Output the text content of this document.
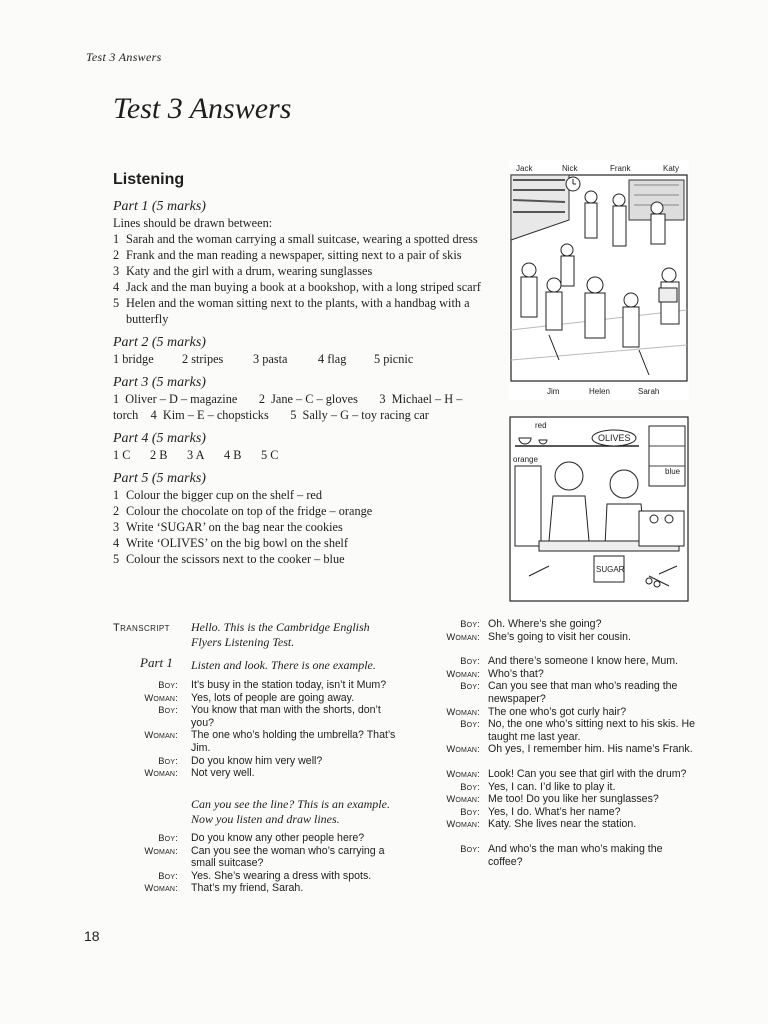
Test 3 Answers
Test 3 Answers
Listening
Part 1 (5 marks)
Lines should be drawn between:
1 Sarah and the woman carrying a small suitcase, wearing a spotted dress
2 Frank and the man reading a newspaper, sitting next to a pair of skis
3 Katy and the girl with a drum, wearing sunglasses
4 Jack and the man buying a book at a bookshop, with a long striped scarf
5 Helen and the woman sitting next to the plants, with a handbag with a butterfly
Part 2 (5 marks)
1 bridge 2 stripes 3 pasta 4 flag 5 picnic
Part 3 (5 marks)
1  Oliver – D – magazine       2  Jane – C – gloves       3  Michael – H –
torch    4  Kim – E – chopsticks       5  Sally – G – toy racing car
Part 4 (5 marks)
1 C 2 B 3 A 4 B 5 C
Part 5 (5 marks)
1 Colour the bigger cup on the shelf – red
2 Colour the chocolate on top of the fridge – orange
3 Write ‘SUGAR’ on the bag near the cookies
4 Write ‘OLIVES’ on the big bowl on the shelf
5 Colour the scissors next to the cooker – blue
Jack	Nick	Frank	Katy
Jim	Helen	Sarah
red
OLIVES
orange
blue
SUGAR
Transcript Hello. This is the Cambridge English Flyers Listening Test.
Part 1 Listen and look. There is one example.
Boy: It’s busy in the station today, isn’t it Mum?
Woman: Yes, lots of people are going away.
Boy: You know that man with the shorts, don’t you?
Woman: The one who’s holding the umbrella? That’s Jim.
Boy: Do you know him very well?
Woman: Not very well.
Can you see the line? This is an example. Now you listen and draw lines.
Boy: Do you know any other people here?
Woman: Can you see the woman who’s carrying a small suitcase?
Boy: Yes. She’s wearing a dress with spots.
Woman: That’s my friend, Sarah.
Boy: Oh. Where’s she going?
Woman: She’s going to visit her cousin.
Boy: And there’s someone I know here, Mum.
Woman: Who’s that?
Boy: Can you see that man who’s reading the newspaper?
Woman: The one who’s got curly hair?
Boy: No, the one who’s sitting next to his skis. He taught me last year.
Woman: Oh yes, I remember him. His name’s Frank.
Woman: Look! Can you see that girl with the drum?
Boy: Yes, I can. I’d like to play it.
Woman: Me too! Do you like her sunglasses?
Boy: Yes, I do. What’s her name?
Woman: Katy. She lives near the station.
Boy: And who’s the man who’s making the coffee?
18
